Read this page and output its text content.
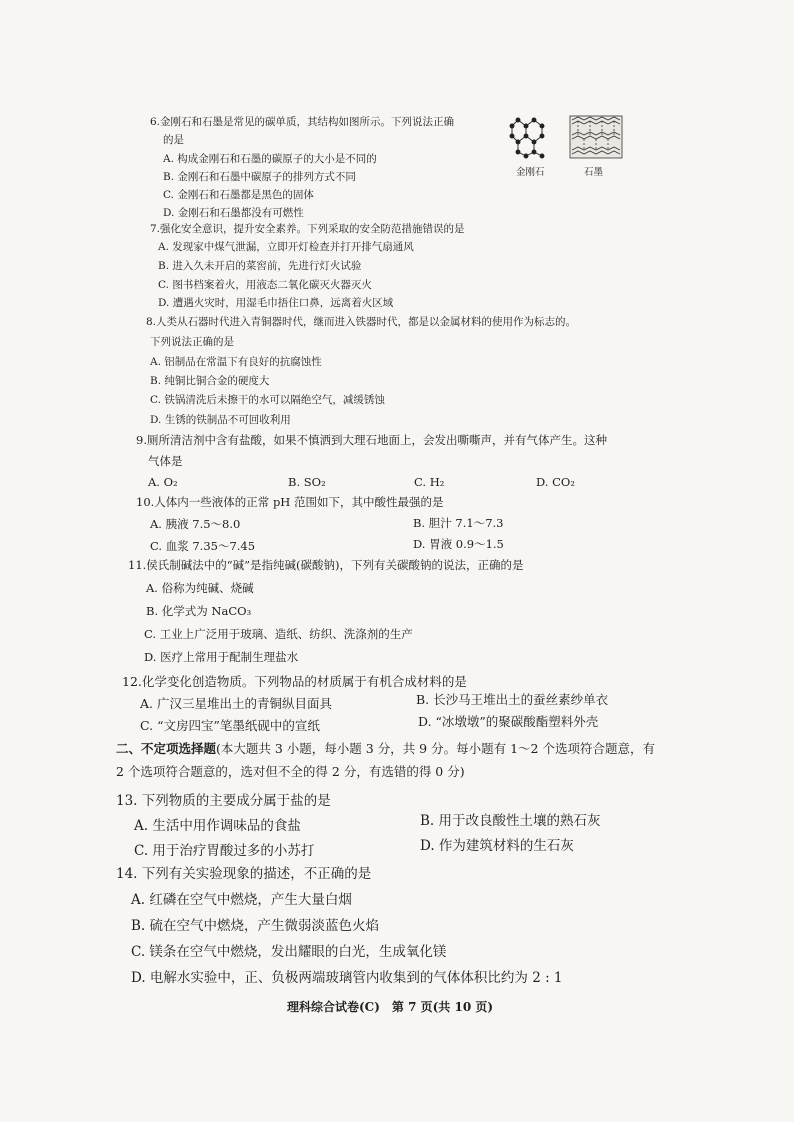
6.金刚石和石墨是常见的碳单质，其结构如图所示。下列说法正确
的是
A. 构成金刚石和石墨的碳原子的大小是不同的
B. 金刚石和石墨中碳原子的排列方式不同
C. 金刚石和石墨都是黑色的固体
D. 金刚石和石墨都没有可燃性
金刚石	石墨
7.强化安全意识，提升安全素养。下列采取的安全防范措施错误的是
A. 发现家中煤气泄漏，立即开灯检查并打开排气扇通风
B. 进入久未开启的菜窖前，先进行灯火试验
C. 图书档案着火，用液态二氧化碳灭火器灭火
D. 遭遇火灾时，用湿毛巾捂住口鼻，远离着火区域
8.人类从石器时代进入青铜器时代，继而进入铁器时代，都是以金属材料的使用作为标志的。
下列说法正确的是
A. 铝制品在常温下有良好的抗腐蚀性
B. 纯铜比铜合金的硬度大
C. 铁锅清洗后未擦干的水可以隔绝空气，减缓锈蚀
D. 生锈的铁制品不可回收利用
9.厕所清洁剂中含有盐酸，如果不慎洒到大理石地面上，会发出嘶嘶声，并有气体产生。这种
气体是
A. O₂	B. SO₂	C. H₂	D. CO₂
10.人体内一些液体的正常 pH 范围如下，其中酸性最强的是
A. 胰液 7.5～8.0	B. 胆汁 7.1～7.3
C. 血浆 7.35～7.45	D. 胃液 0.9～1.5
11.侯氏制碱法中的“碱”是指纯碱(碳酸钠)，下列有关碳酸钠的说法，正确的是
A. 俗称为纯碱、烧碱
B. 化学式为 NaCO₃
C. 工业上广泛用于玻璃、造纸、纺织、洗涤剂的生产
D. 医疗上常用于配制生理盐水
12.化学变化创造物质。下列物品的材质属于有机合成材料的是
A. 广汉三星堆出土的青铜纵目面具	B. 长沙马王堆出土的蚕丝素纱单衣
C. “文房四宝”笔墨纸砚中的宣纸	D. “冰墩墩”的聚碳酸酯塑料外壳
二、不定项选择题(本大题共 3 小题，每小题 3 分，共 9 分。每小题有 1～2 个选项符合题意，有
2 个选项符合题意的，选对但不全的得 2 分，有选错的得 0 分)
13. 下列物质的主要成分属于盐的是
A. 生活中用作调味品的食盐	B. 用于改良酸性土壤的熟石灰
C. 用于治疗胃酸过多的小苏打	D. 作为建筑材料的生石灰
14. 下列有关实验现象的描述，不正确的是
A. 红磷在空气中燃烧，产生大量白烟
B. 硫在空气中燃烧，产生微弱淡蓝色火焰
C. 镁条在空气中燃烧，发出耀眼的白光，生成氧化镁
D. 电解水实验中，正、负极两端玻璃管内收集到的气体体积比约为 2 : 1
理科综合试卷(C)　第 7 页(共 10 页)
